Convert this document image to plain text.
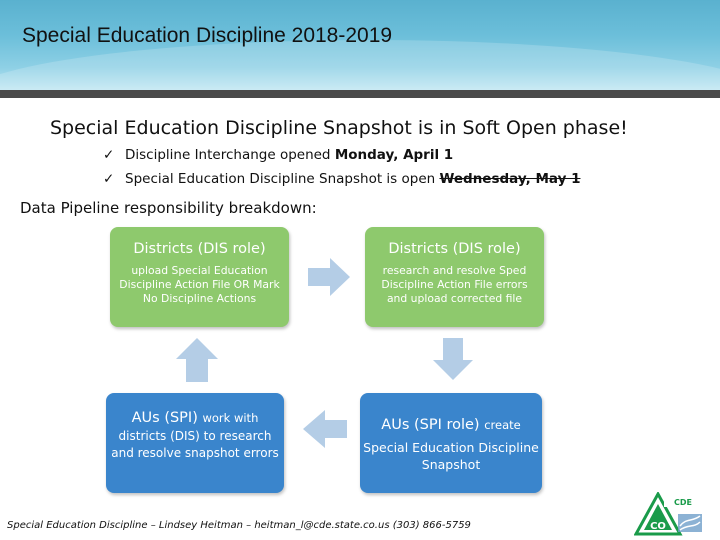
Special Education Discipline 2018-2019
Special Education Discipline Snapshot is in Soft Open phase!
✓ Discipline Interchange opened Monday, April 1
✓ Special Education Discipline Snapshot is open Wednesday, May 1
Data Pipeline responsibility breakdown:
Districts (DIS role)
upload Special Education Discipline Action File OR Mark No Discipline Actions
Districts (DIS role)
research and resolve Sped Discipline Action File errors and upload corrected file
AUs (SPI) work with
districts (DIS) to research and resolve snapshot errors
AUs (SPI role) create
Special Education Discipline Snapshot
Special Education Discipline – Lindsey Heitman – heitman_l@cde.state.co.us (303) 866-5759
CDE
CO
